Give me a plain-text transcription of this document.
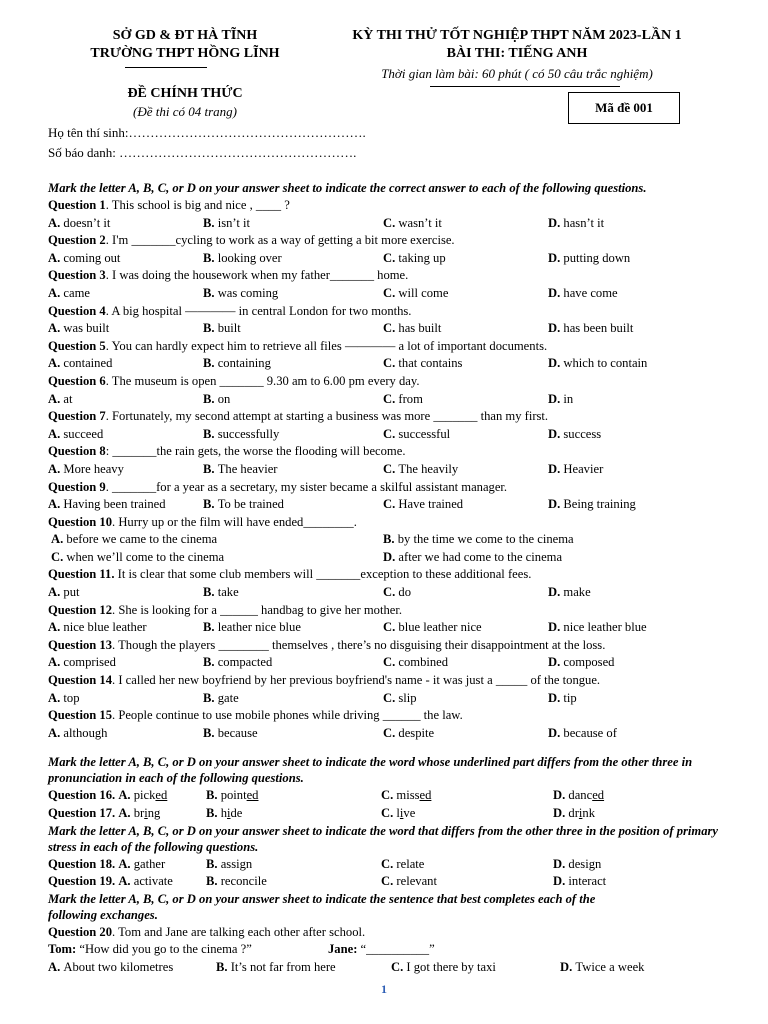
SỞ GD & ĐT HÀ TĨNH
TRƯỜNG THPT HỒNG LĨNH
KỲ THI THỬ TỐT NGHIỆP THPT NĂM 2023-LẦN 1
BÀI THI: TIẾNG ANH
Thời gian làm bài: 60 phút ( có 50 câu trắc nghiệm)
ĐỀ CHÍNH THỨC
(Đề thi có 04 trang)	Mã đề 001
Họ tên thí sinh:……………………………………………….
Số báo danh: ……………………………………………….
Mark the letter A, B, C, or D on your answer sheet to indicate the correct answer to each of the following questions.
Question 1. This school is big and nice , ____ ?
A. doesn’t it	B. isn’t it	C. wasn’t it	D. hasn’t it
Question 2. I'm _______cycling to work as a way of getting a bit more exercise.
A. coming out	B. looking over	C. taking up	D. putting down
Question 3. I was doing the housework when my father_______ home.
A. came	B. was coming	C. will come	D. have come
Question 4. A big hospital ———— in central London for two months.
A. was built	B. built	C. has built	D. has been built
Question 5. You can hardly expect him to retrieve all files ———— a lot of important documents.
A. contained	B. containing	C. that contains	D. which to contain
Question 6. The museum is open _______ 9.30 am to 6.00 pm every day.
A. at	B. on	C. from	D. in
Question 7. Fortunately, my second attempt at starting a business was more _______ than my first.
A. succeed	B. successfully	C. successful	D. success
Question 8: _______the rain gets, the worse the flooding will become.
A. More heavy	B. The heavier	C. The heavily	D. Heavier
Question 9. _______for a year as a secretary, my sister became a skilful assistant manager.
A. Having been trained	B. To be trained	C. Have trained	D. Being training
Question 10. Hurry up or the film will have ended________.
A. before we came to the cinema	B. by the time we come to the cinema
C. when we’ll come to the cinema	D. after we had come to the cinema
Question 11. It is clear that some club members will _______exception to these additional fees.
A. put	B. take	C. do	D. make
Question 12. She is looking for a ______ handbag to give her mother.
A. nice blue leather	B. leather nice blue	C. blue leather nice	D. nice leather blue
Question 13. Though the players ________ themselves , there’s no disguising their disappointment at the loss.
A. comprised	B. compacted	C. combined	D. composed
Question 14. I called her new boyfriend by her previous boyfriend's name - it was just a _____ of the tongue.
A. top	B. gate	C. slip	D. tip
Question 15. People continue to use mobile phones while driving ______ the law.
A. although	B. because	C. despite	D. because of
Mark the letter A, B, C, or D on your answer sheet to indicate the word whose underlined part differs from the other three in pronunciation in each of the following questions.
Question 16. A. picked	B. pointed	C. missed	D. danced
Question 17. A. bring	B. hide	C. live	D. drink
Mark the letter A, B, C, or D on your answer sheet to indicate the word that differs from the other three in the position of primary stress in each of the following questions.
Question 18. A. gather	B. assign	C. relate	D. design
Question 19. A. activate	B. reconcile	C. relevant	D. interact
Mark the letter A, B, C, or D on your answer sheet to indicate the sentence that best completes each of the following exchanges.
Question 20. Tom and Jane are talking each other after school.
Tom: “How did you go to the cinema ?”	Jane: “__________”
A. About two kilometres	B. It’s not far from here	C. I got there by taxi	D. Twice a week
1
